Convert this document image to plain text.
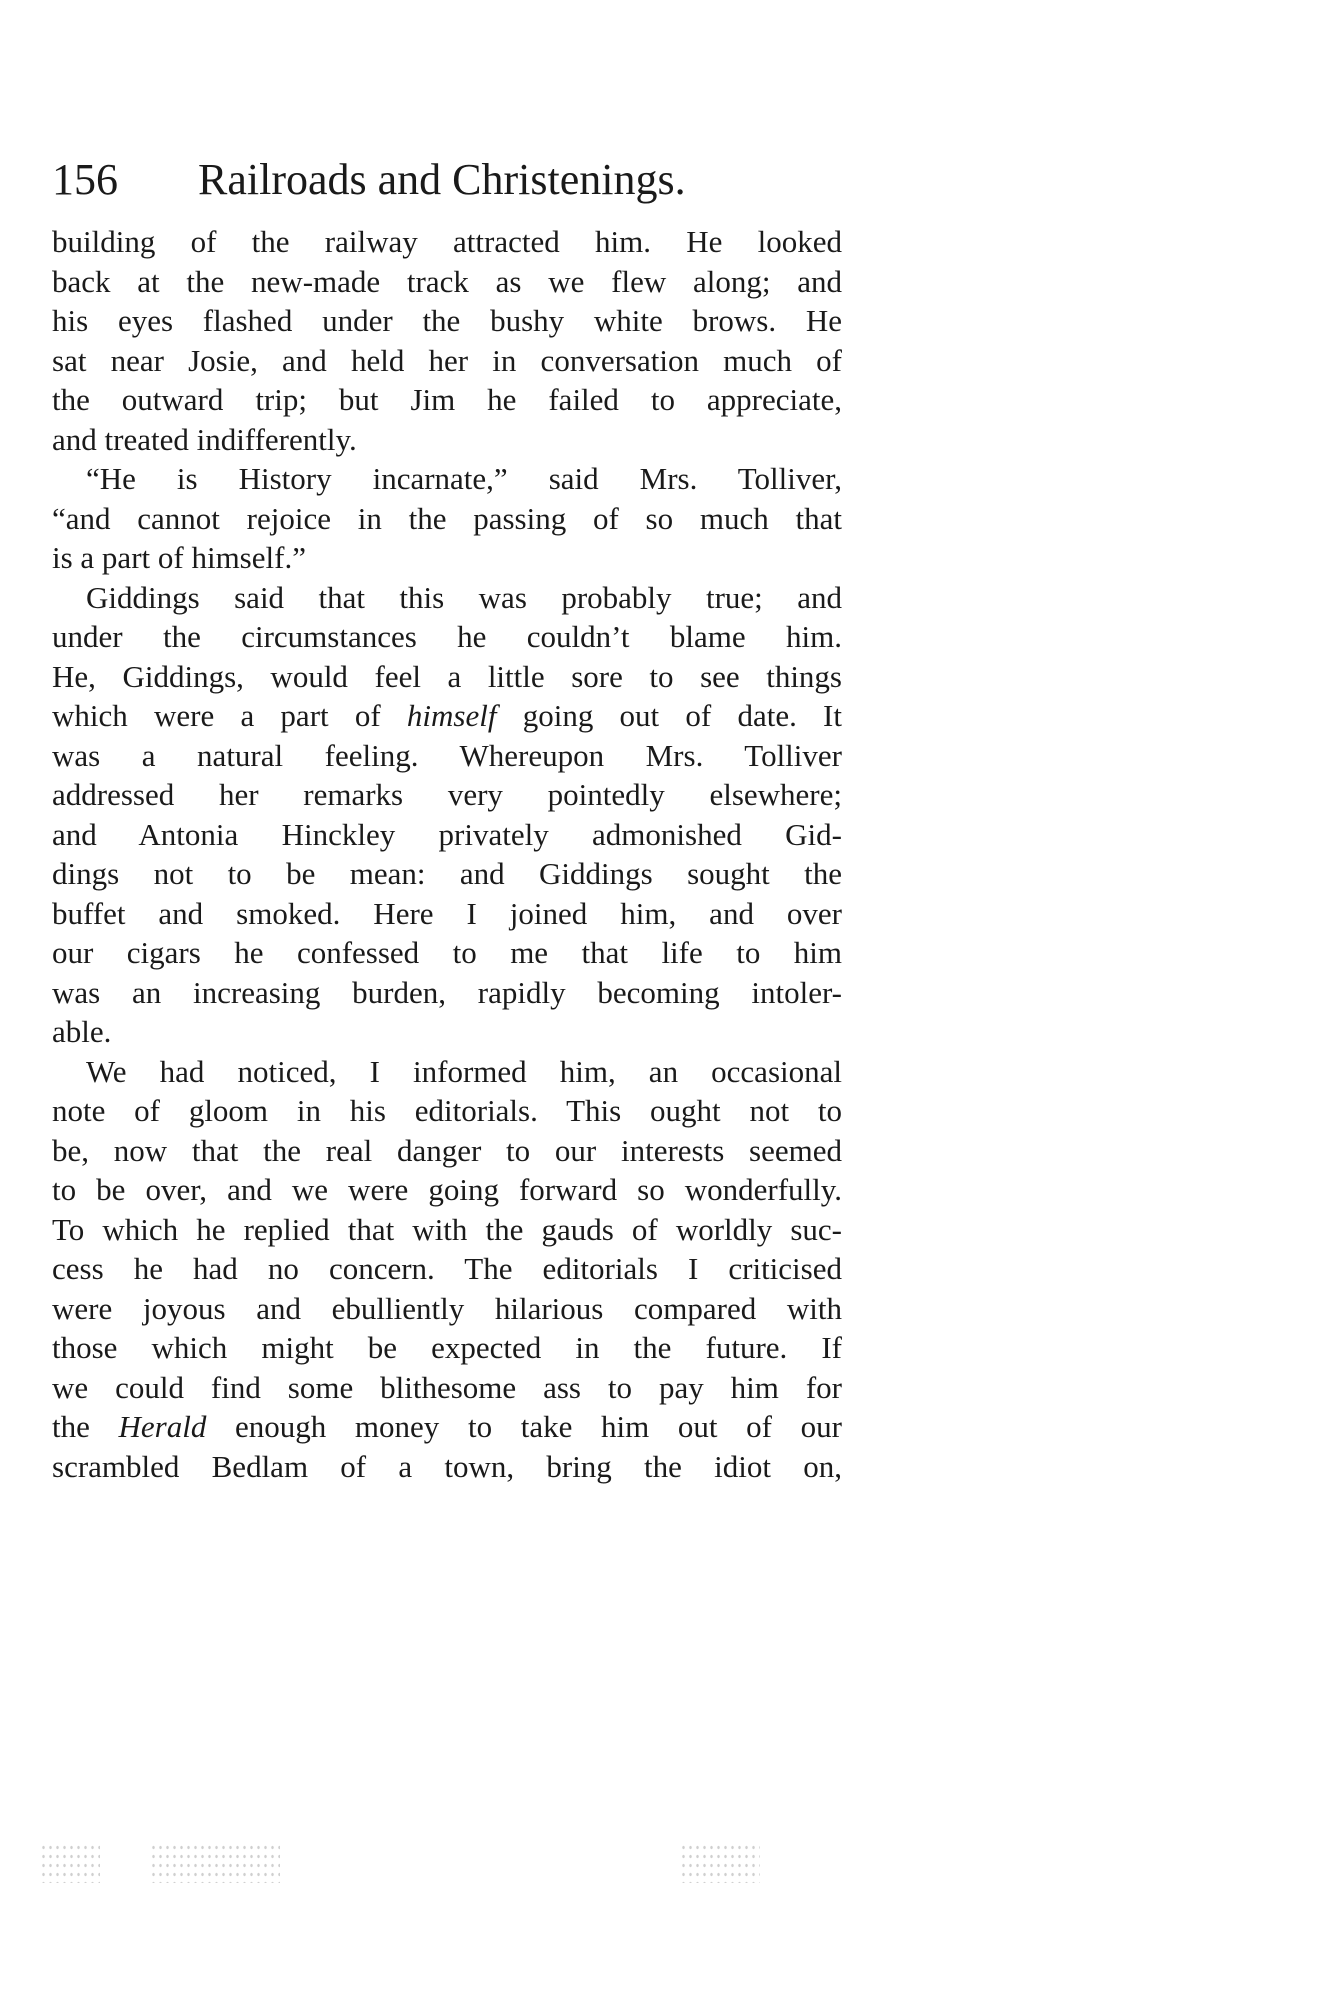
156 Railroads and Christenings.
building of the railway attracted him. He looked
back at the new-made track as we flew along; and
his eyes flashed under the bushy white brows. He
sat near Josie, and held her in conversation much of
the outward trip; but Jim he failed to appreciate,
and treated indifferently.
“He is History incarnate,” said Mrs. Tolliver,
“and cannot rejoice in the passing of so much that
is a part of himself.”
Giddings said that this was probably true; and
under the circumstances he couldn’t blame him.
He, Giddings, would feel a little sore to see things
which were a part of himself going out of date. It
was a natural feeling. Whereupon Mrs. Tolliver
addressed her remarks very pointedly elsewhere;
and Antonia Hinckley privately admonished Gid-
dings not to be mean: and Giddings sought the
buffet and smoked. Here I joined him, and over
our cigars he confessed to me that life to him
was an increasing burden, rapidly becoming intoler-
able.
We had noticed, I informed him, an occasional
note of gloom in his editorials. This ought not to
be, now that the real danger to our interests seemed
to be over, and we were going forward so wonderfully.
To which he replied that with the gauds of worldly suc-
cess he had no concern. The editorials I criticised
were joyous and ebulliently hilarious compared with
those which might be expected in the future. If
we could find some blithesome ass to pay him for
the Herald enough money to take him out of our
scrambled Bedlam of a town, bring the idiot on,
